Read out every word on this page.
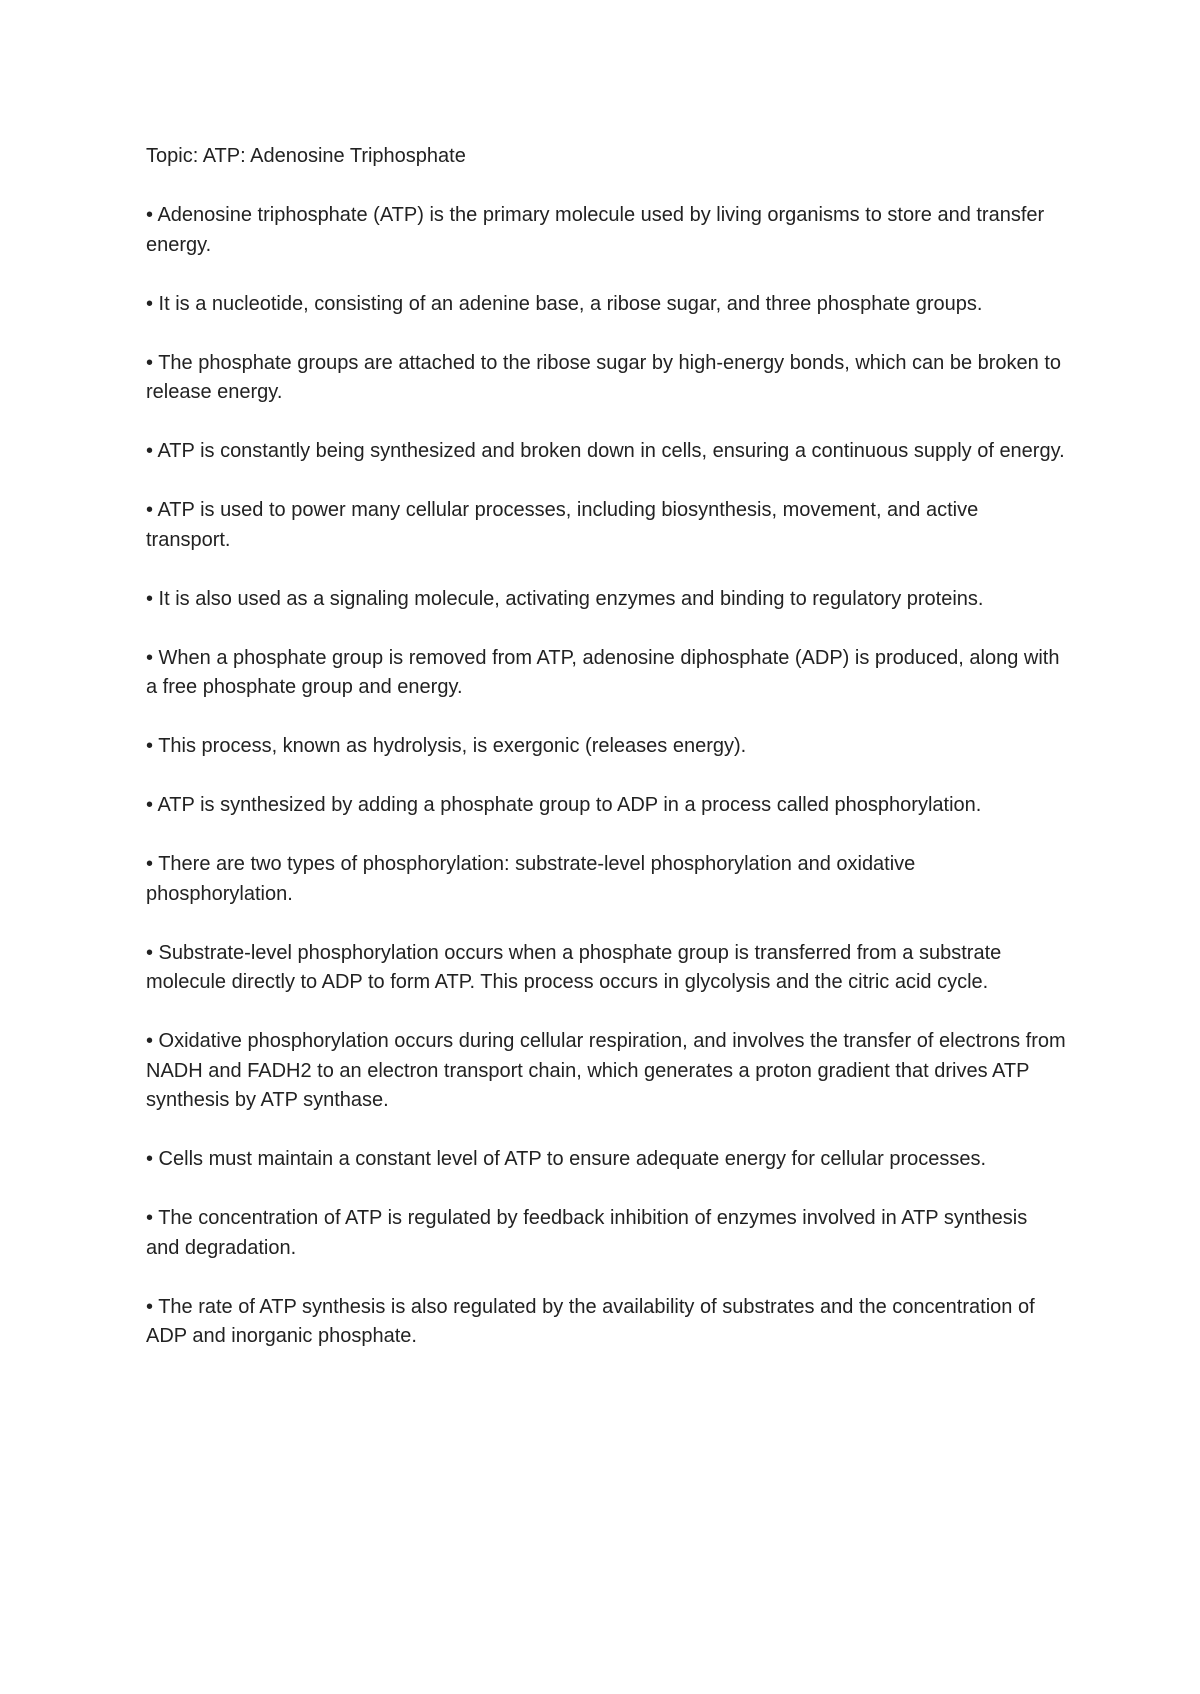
Topic: ATP: Adenosine Triphosphate

• Adenosine triphosphate (ATP) is the primary molecule used by living organisms to store and transfer energy.
• It is a nucleotide, consisting of an adenine base, a ribose sugar, and three phosphate groups.
• The phosphate groups are attached to the ribose sugar by high-energy bonds, which can be broken to release energy.
• ATP is constantly being synthesized and broken down in cells, ensuring a continuous supply of energy.
• ATP is used to power many cellular processes, including biosynthesis, movement, and active transport.
• It is also used as a signaling molecule, activating enzymes and binding to regulatory proteins.
• When a phosphate group is removed from ATP, adenosine diphosphate (ADP) is produced, along with a free phosphate group and energy.
• This process, known as hydrolysis, is exergonic (releases energy).
• ATP is synthesized by adding a phosphate group to ADP in a process called phosphorylation.
• There are two types of phosphorylation: substrate-level phosphorylation and oxidative phosphorylation.
• Substrate-level phosphorylation occurs when a phosphate group is transferred from a substrate molecule directly to ADP to form ATP. This process occurs in glycolysis and the citric acid cycle.
• Oxidative phosphorylation occurs during cellular respiration, and involves the transfer of electrons from NADH and FADH2 to an electron transport chain, which generates a proton gradient that drives ATP synthesis by ATP synthase.
• Cells must maintain a constant level of ATP to ensure adequate energy for cellular processes.
• The concentration of ATP is regulated by feedback inhibition of enzymes involved in ATP synthesis and degradation.
• The rate of ATP synthesis is also regulated by the availability of substrates and the concentration of ADP and inorganic phosphate.
